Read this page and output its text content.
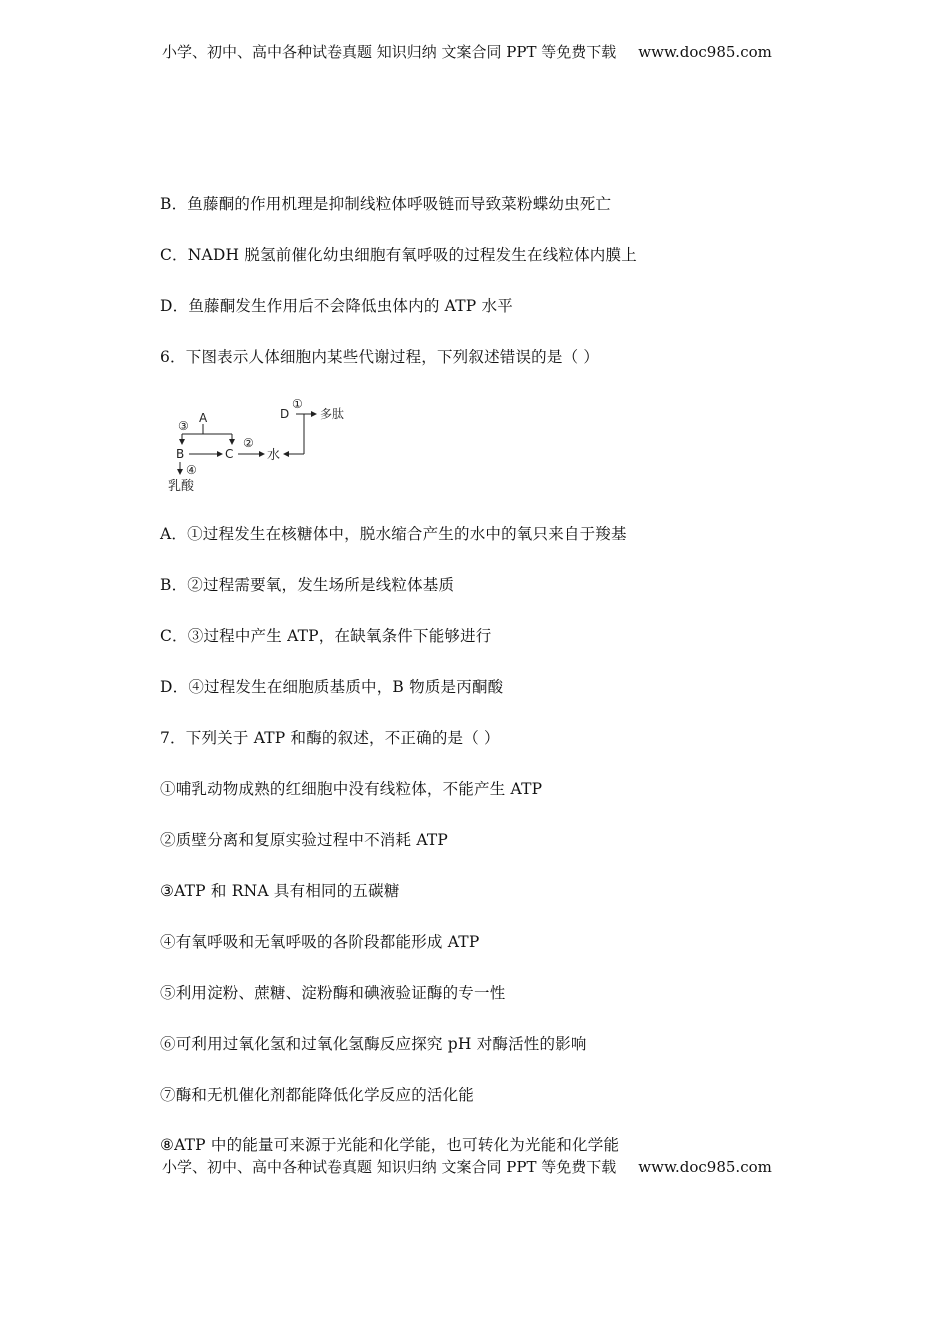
小学、初中、高中各种试卷真题 知识归纳 文案合同 PPT 等免费下载 www.doc985.com
B．鱼藤酮的作用机理是抑制线粒体呼吸链而导致菜粉蝶幼虫死亡
C．NADH 脱氢前催化幼虫细胞有氧呼吸的过程发生在线粒体内膜上
D．鱼藤酮发生作用后不会降低虫体内的 ATP 水平
6．下图表示人体细胞内某些代谢过程，下列叙述错误的是（ ）
A
③
B	C
②
水
D
①
多肽
④
乳酸
A．①过程发生在核糖体中，脱水缩合产生的水中的氧只来自于羧基
B．②过程需要氧，发生场所是线粒体基质
C．③过程中产生 ATP，在缺氧条件下能够进行
D．④过程发生在细胞质基质中，B 物质是丙酮酸
7．下列关于 ATP 和酶的叙述，不正确的是（ ）
①哺乳动物成熟的红细胞中没有线粒体，不能产生 ATP
②质壁分离和复原实验过程中不消耗 ATP
③ATP 和 RNA 具有相同的五碳糖
④有氧呼吸和无氧呼吸的各阶段都能形成 ATP
⑤利用淀粉、蔗糖、淀粉酶和碘液验证酶的专一性
⑥可利用过氧化氢和过氧化氢酶反应探究 pH 对酶活性的影响
⑦酶和无机催化剂都能降低化学反应的活化能
⑧ATP 中的能量可来源于光能和化学能，也可转化为光能和化学能
小学、初中、高中各种试卷真题 知识归纳 文案合同 PPT 等免费下载 www.doc985.com
